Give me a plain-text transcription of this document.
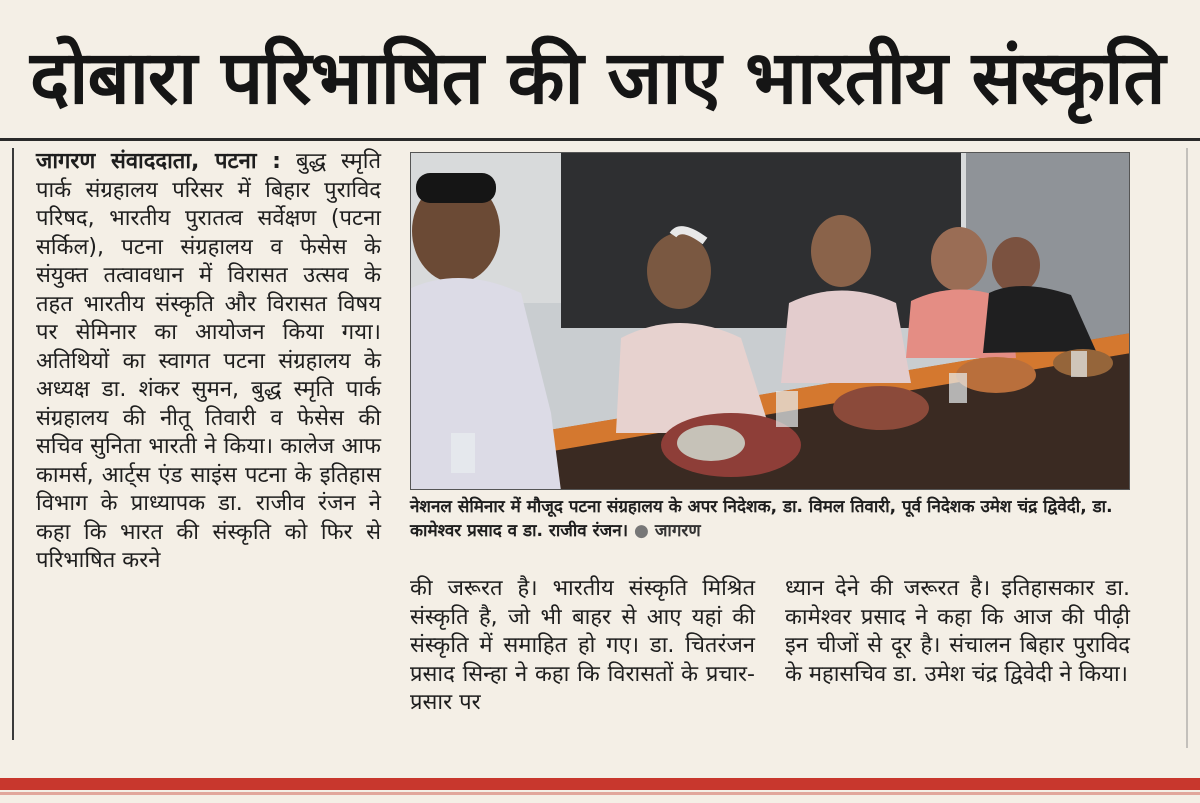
दोबारा परिभाषित की जाए भारतीय संस्कृति
जागरण संवाददाता, पटना : बुद्ध स्मृति पार्क संग्रहालय परिसर में बिहार पुराविद परिषद, भारतीय पुरातत्व सर्वेक्षण (पटना सर्किल), पटना संग्रहालय व फेसेस के संयुक्त तत्वावधान में विरासत उत्सव के तहत भारतीय संस्कृति और विरासत विषय पर सेमिनार का आयोजन किया गया। अतिथियों का स्वागत पटना संग्रहालय के अध्यक्ष डा. शंकर सुमन, बुद्ध स्मृति पार्क संग्रहालय की नीतू तिवारी व फेसेस की सचिव सुनिता भारती ने किया। कालेज आफ कामर्स, आर्ट्स एंड साइंस पटना के इतिहास विभाग के प्राध्यापक डा. राजीव रंजन ने कहा कि भारत की संस्कृति को फिर से परिभाषित करने
नेशनल सेमिनार में मौजूद पटना संग्रहालय के अपर निदेशक, डा. विमल तिवारी, पूर्व निदेशक उमेश चंद्र द्विवेदी, डा. कामेश्वर प्रसाद व डा. राजीव रंजन। ● जागरण
की जरूरत है। भारतीय संस्कृति मिश्रित संस्कृति है, जो भी बाहर से आए यहां की संस्कृति में समाहित हो गए। डा. चितरंजन प्रसाद सिन्हा ने कहा कि विरासतों के प्रचार-प्रसार पर
ध्यान देने की जरूरत है। इतिहासकार डा. कामेश्वर प्रसाद ने कहा कि आज की पीढ़ी इन चीजों से दूर है। संचालन बिहार पुराविद के महासचिव डा. उमेश चंद्र द्विवेदी ने किया।
